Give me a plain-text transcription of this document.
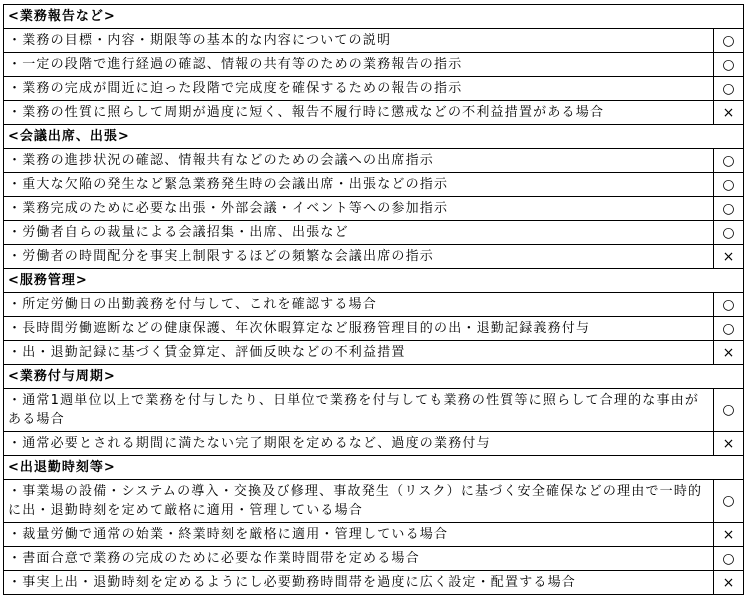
<業務報告など>	
・業務の目標・内容・期限等の基本的な内容についての説明	○
・一定の段階で進行経過の確認、情報の共有等のための業務報告の指示	○
・業務の完成が間近に迫った段階で完成度を確保するための報告の指示	○
・業務の性質に照らして周期が過度に短く、報告不履行時に懲戒などの不利益措置がある場合	×
<会議出席、出張>	
・業務の進捗状況の確認、情報共有などのための会議への出席指示	○
・重大な欠陥の発生など緊急業務発生時の会議出席・出張などの指示	○
・業務完成のために必要な出張・外部会議・イベント等への参加指示	○
・労働者自らの裁量による会議招集・出席、出張など	○
・労働者の時間配分を事実上制限するほどの頻繁な会議出席の指示	×
<服務管理>	
・所定労働日の出勤義務を付与して、これを確認する場合	○
・長時間労働遮断などの健康保護、年次休暇算定など服務管理目的の出・退勤記録義務付与	○
・出・退勤記録に基づく賃金算定、評価反映などの不利益措置	×
<業務付与周期>	
・通常1週単位以上で業務を付与したり、日単位で業務を付与しても業務の性質等に照らして合理的な事由がある場合	○
・通常必要とされる期間に満たない完了期限を定めるなど、過度の業務付与	×
<出退勤時刻等>	
・事業場の設備・システムの導入・交換及び修理、事故発生（リスク）に基づく安全確保などの理由で一時的に出・退勤時刻を定めて厳格に適用・管理している場合	○
・裁量労働で通常の始業・終業時刻を厳格に適用・管理している場合	×
・書面合意で業務の完成のために必要な作業時間帯を定める場合	○
・事実上出・退勤時刻を定めるようにし必要勤務時間帯を過度に広く設定・配置する場合	×
